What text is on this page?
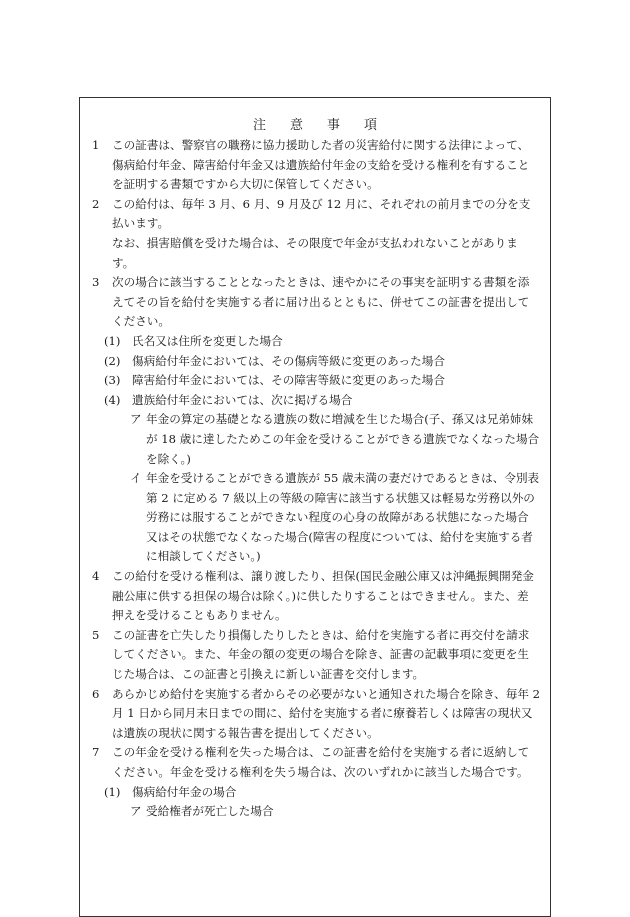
注 意 事 項
1 この証書は、警察官の職務に協力援助した者の災害給付に関する法律によって、傷病給付年金、障害給付年金又は遺族給付年金の支給を受ける権利を有することを証明する書類ですから大切に保管してください。
2 この給付は、毎年 3 月、6 月、9 月及び 12 月に、それぞれの前月までの分を支払います。
なお、損害賠償を受けた場合は、その限度で年金が支払われないことがあります。
3 次の場合に該当することとなったときは、速やかにその事実を証明する書類を添えてその旨を給付を実施する者に届け出るとともに、併せてこの証書を提出してください。
(1) 氏名又は住所を変更した場合
(2) 傷病給付年金においては、その傷病等級に変更のあった場合
(3) 障害給付年金においては、その障害等級に変更のあった場合
(4) 遺族給付年金においては、次に掲げる場合
ア 年金の算定の基礎となる遺族の数に増減を生じた場合(子、孫又は兄弟姉妹が 18 歳に達したためこの年金を受けることができる遺族でなくなった場合を除く。)
イ 年金を受けることができる遺族が 55 歳未満の妻だけであるときは、令別表第 2 に定める 7 級以上の等級の障害に該当する状態又は軽易な労務以外の労務には服することができない程度の心身の故障がある状態になった場合又はその状態でなくなった場合(障害の程度については、給付を実施する者に相談してください。)
4 この給付を受ける権利は、譲り渡したり、担保(国民金融公庫又は沖縄振興開発金融公庫に供する担保の場合は除く。)に供したりすることはできません。また、差押えを受けることもありません。
5 この証書を亡失したり損傷したりしたときは、給付を実施する者に再交付を請求してください。また、年金の額の変更の場合を除き、証書の記載事項に変更を生じた場合は、この証書と引換えに新しい証書を交付します。
6 あらかじめ給付を実施する者からその必要がないと通知された場合を除き、毎年 2 月 1 日から同月末日までの間に、給付を実施する者に療養若しくは障害の現状又は遺族の現状に関する報告書を提出してください。
7 この年金を受ける権利を失った場合は、この証書を給付を実施する者に返納してください。年金を受ける権利を失う場合は、次のいずれかに該当した場合です。
(1) 傷病給付年金の場合
ア 受給権者が死亡した場合
